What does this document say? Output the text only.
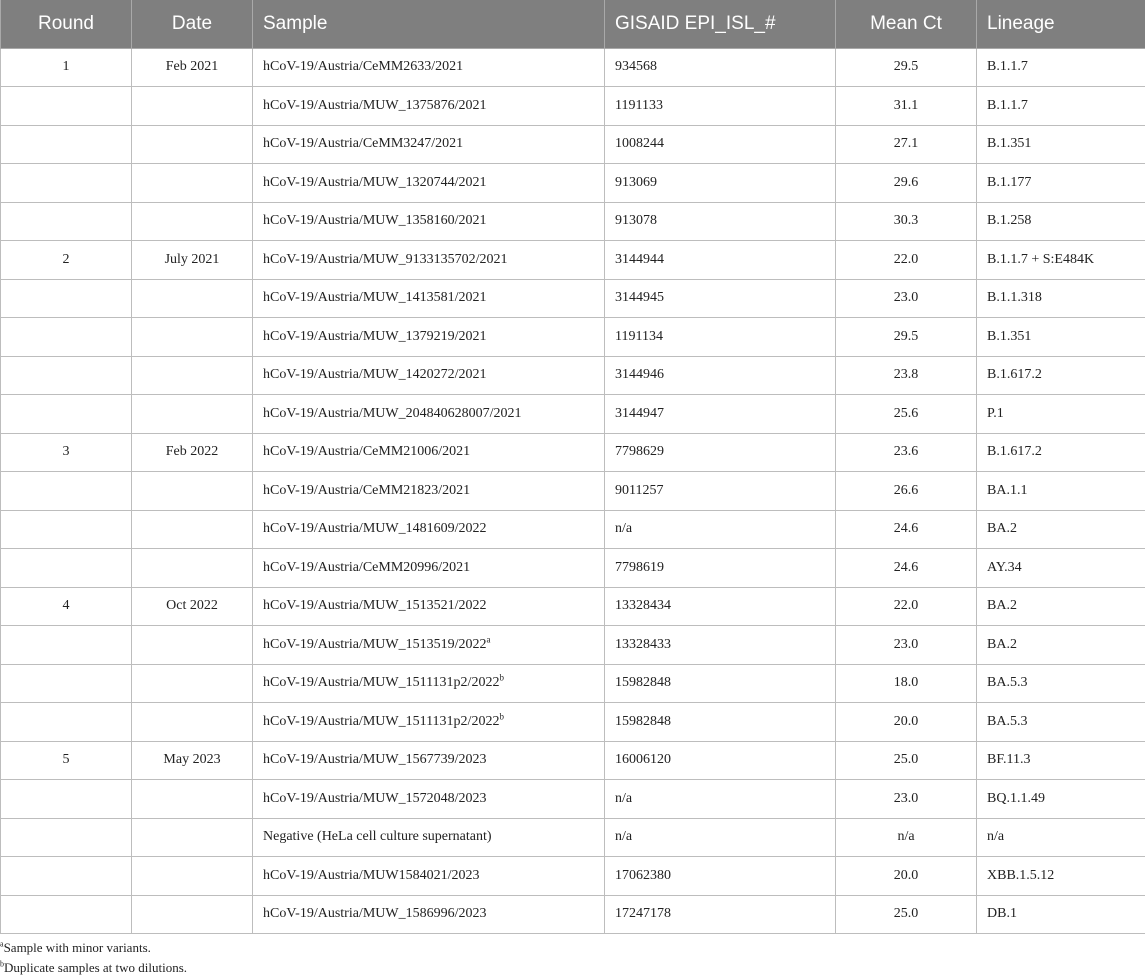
Round	Date	Sample	GISAID EPI_ISL_#	Mean Ct	Lineage
1	Feb 2021	hCoV-19/Austria/CeMM2633/2021	934568	29.5	B.1.1.7
		hCoV-19/Austria/MUW_1375876/2021	1191133	31.1	B.1.1.7
		hCoV-19/Austria/CeMM3247/2021	1008244	27.1	B.1.351
		hCoV-19/Austria/MUW_1320744/2021	913069	29.6	B.1.177
		hCoV-19/Austria/MUW_1358160/2021	913078	30.3	B.1.258
2	July 2021	hCoV-19/Austria/MUW_9133135702/2021	3144944	22.0	B.1.1.7 + S:E484K
		hCoV-19/Austria/MUW_1413581/2021	3144945	23.0	B.1.1.318
		hCoV-19/Austria/MUW_1379219/2021	1191134	29.5	B.1.351
		hCoV-19/Austria/MUW_1420272/2021	3144946	23.8	B.1.617.2
		hCoV-19/Austria/MUW_204840628007/2021	3144947	25.6	P.1
3	Feb 2022	hCoV-19/Austria/CeMM21006/2021	7798629	23.6	B.1.617.2
		hCoV-19/Austria/CeMM21823/2021	9011257	26.6	BA.1.1
		hCoV-19/Austria/MUW_1481609/2022	n/a	24.6	BA.2
		hCoV-19/Austria/CeMM20996/2021	7798619	24.6	AY.34
4	Oct 2022	hCoV-19/Austria/MUW_1513521/2022	13328434	22.0	BA.2
		hCoV-19/Austria/MUW_1513519/2022$^a$	13328433	23.0	BA.2
		hCoV-19/Austria/MUW_1511131p2/2022$^b$	15982848	18.0	BA.5.3
		hCoV-19/Austria/MUW_1511131p2/2022$^b$	15982848	20.0	BA.5.3
5	May 2023	hCoV-19/Austria/MUW_1567739/2023	16006120	25.0	BF.11.3
		hCoV-19/Austria/MUW_1572048/2023	n/a	23.0	BQ.1.1.49
		Negative (HeLa cell culture supernatant)	n/a	n/a	n/a
		hCoV-19/Austria/MUW1584021/2023	17062380	20.0	XBB.1.5.12
		hCoV-19/Austria/MUW_1586996/2023	17247178	25.0	DB.1
$^a$Sample with minor variants.
$^b$Duplicate samples at two dilutions.
